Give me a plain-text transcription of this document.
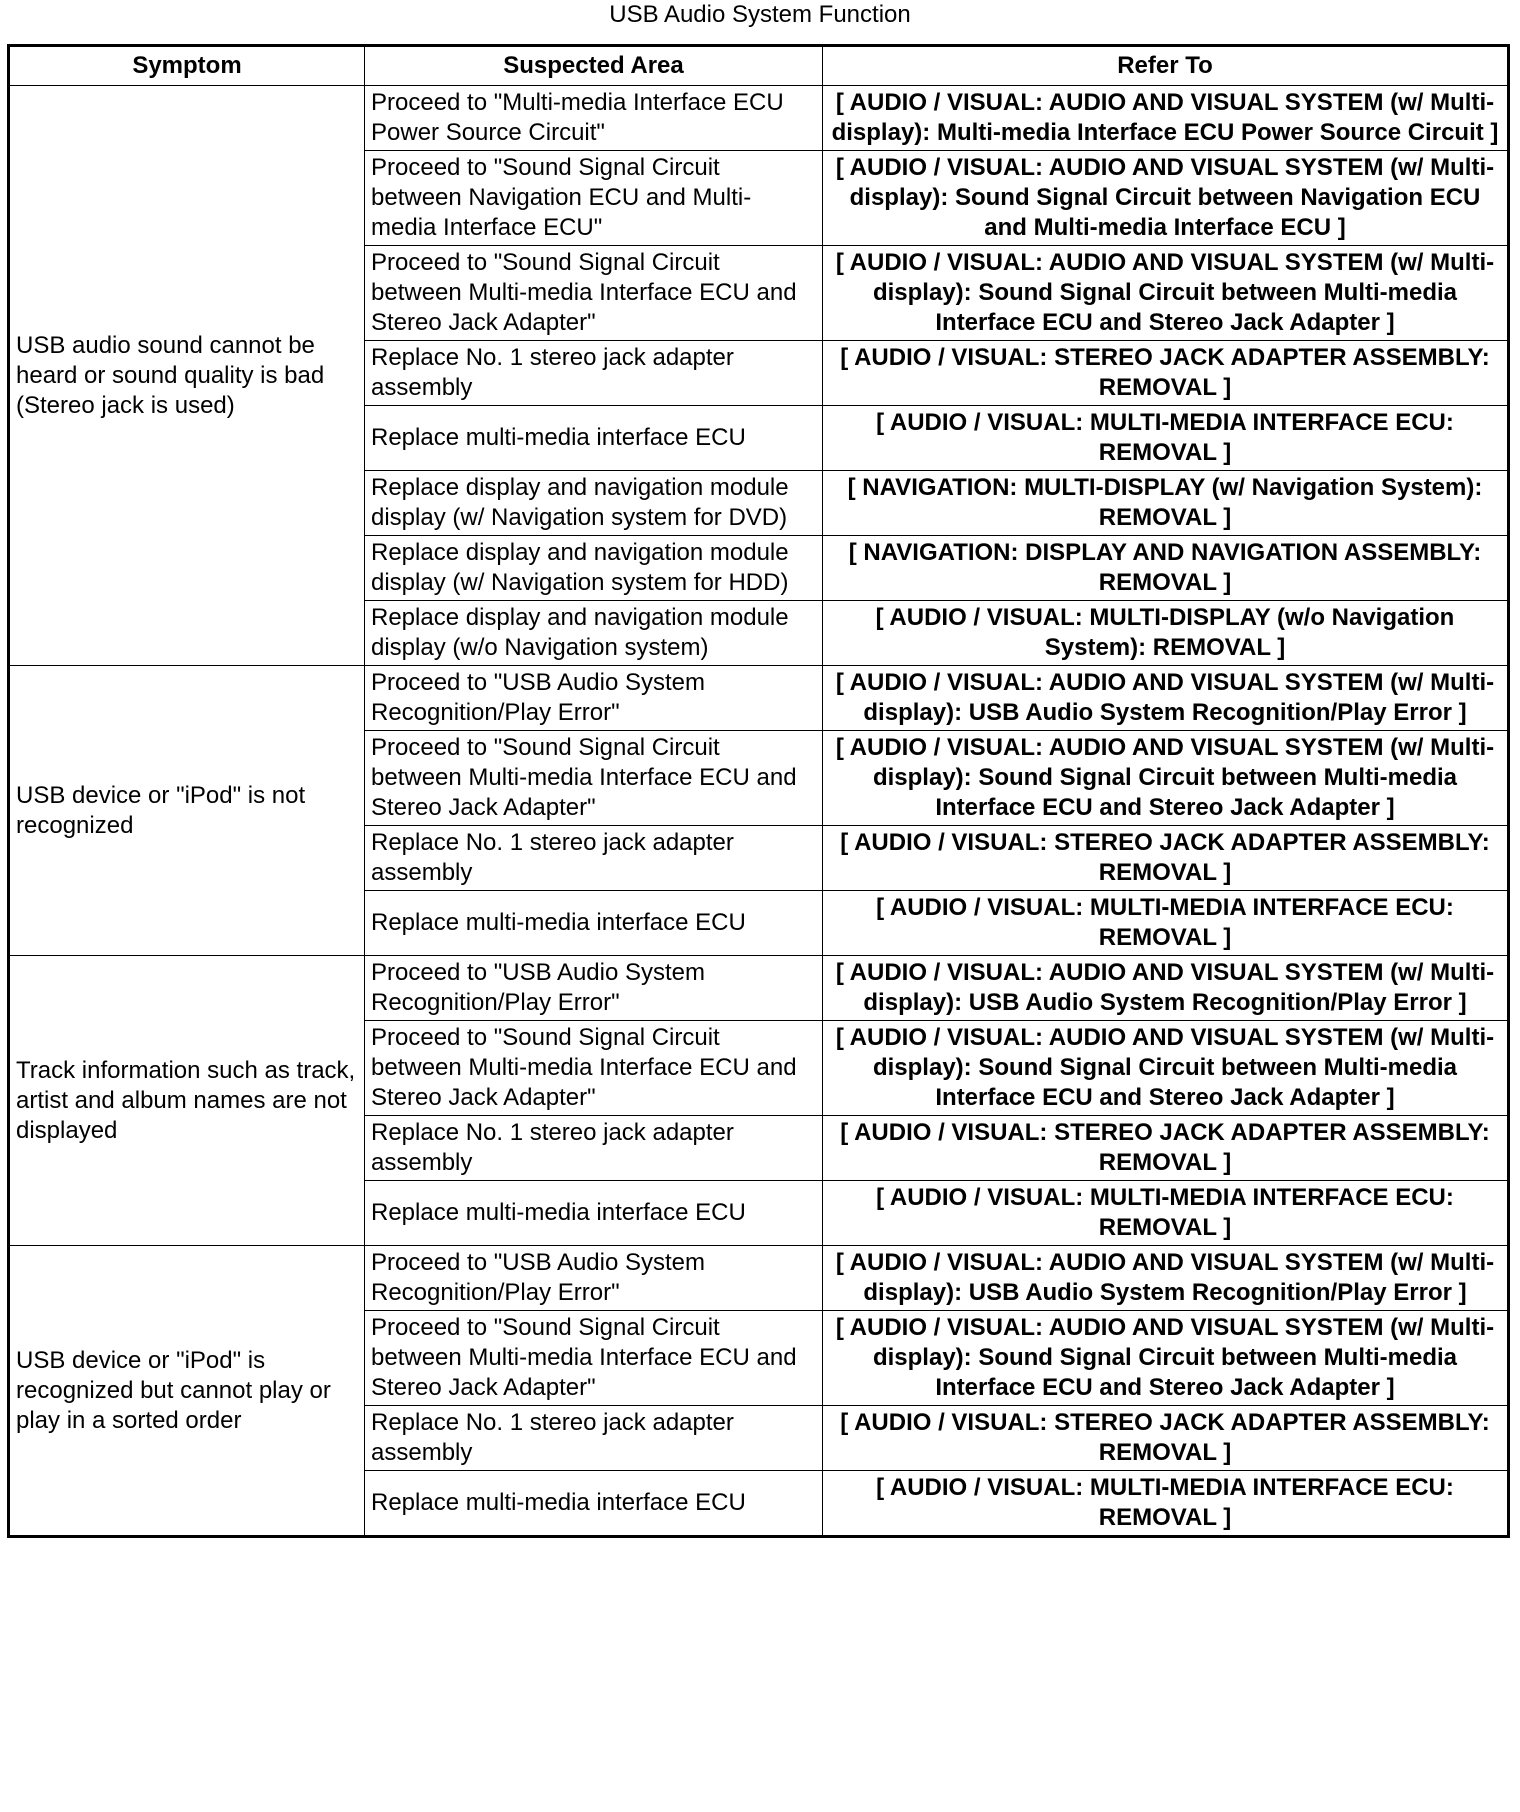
USB Audio System Function
Symptom	Suspected Area	Refer To
USB audio sound cannot be heard or sound quality is bad (Stereo jack is used)	Proceed to "Multi-media Interface ECU Power Source Circuit"	[ AUDIO / VISUAL: AUDIO AND VISUAL SYSTEM (w/ Multi-display): Multi-media Interface ECU Power Source Circuit ]
	Proceed to "Sound Signal Circuit between Navigation ECU and Multi-media Interface ECU"	[ AUDIO / VISUAL: AUDIO AND VISUAL SYSTEM (w/ Multi-display): Sound Signal Circuit between Navigation ECU and Multi-media Interface ECU ]
	Proceed to "Sound Signal Circuit between Multi-media Interface ECU and Stereo Jack Adapter"	[ AUDIO / VISUAL: AUDIO AND VISUAL SYSTEM (w/ Multi-display): Sound Signal Circuit between Multi-media Interface ECU and Stereo Jack Adapter ]
	Replace No. 1 stereo jack adapter assembly	[ AUDIO / VISUAL: STEREO JACK ADAPTER ASSEMBLY: REMOVAL ]
	Replace multi-media interface ECU	[ AUDIO / VISUAL: MULTI-MEDIA INTERFACE ECU: REMOVAL ]
	Replace display and navigation module display (w/ Navigation system for DVD)	[ NAVIGATION: MULTI-DISPLAY (w/ Navigation System): REMOVAL ]
	Replace display and navigation module display (w/ Navigation system for HDD)	[ NAVIGATION: DISPLAY AND NAVIGATION ASSEMBLY: REMOVAL ]
	Replace display and navigation module display (w/o Navigation system)	[ AUDIO / VISUAL: MULTI-DISPLAY (w/o Navigation System): REMOVAL ]
USB device or "iPod" is not recognized	Proceed to "USB Audio System Recognition/Play Error"	[ AUDIO / VISUAL: AUDIO AND VISUAL SYSTEM (w/ Multi-display): USB Audio System Recognition/Play Error ]
	Proceed to "Sound Signal Circuit between Multi-media Interface ECU and Stereo Jack Adapter"	[ AUDIO / VISUAL: AUDIO AND VISUAL SYSTEM (w/ Multi-display): Sound Signal Circuit between Multi-media Interface ECU and Stereo Jack Adapter ]
	Replace No. 1 stereo jack adapter assembly	[ AUDIO / VISUAL: STEREO JACK ADAPTER ASSEMBLY: REMOVAL ]
	Replace multi-media interface ECU	[ AUDIO / VISUAL: MULTI-MEDIA INTERFACE ECU: REMOVAL ]
Track information such as track, artist and album names are not displayed	Proceed to "USB Audio System Recognition/Play Error"	[ AUDIO / VISUAL: AUDIO AND VISUAL SYSTEM (w/ Multi-display): USB Audio System Recognition/Play Error ]
	Proceed to "Sound Signal Circuit between Multi-media Interface ECU and Stereo Jack Adapter"	[ AUDIO / VISUAL: AUDIO AND VISUAL SYSTEM (w/ Multi-display): Sound Signal Circuit between Multi-media Interface ECU and Stereo Jack Adapter ]
	Replace No. 1 stereo jack adapter assembly	[ AUDIO / VISUAL: STEREO JACK ADAPTER ASSEMBLY: REMOVAL ]
	Replace multi-media interface ECU	[ AUDIO / VISUAL: MULTI-MEDIA INTERFACE ECU: REMOVAL ]
USB device or "iPod" is recognized but cannot play or play in a sorted order	Proceed to "USB Audio System Recognition/Play Error"	[ AUDIO / VISUAL: AUDIO AND VISUAL SYSTEM (w/ Multi-display): USB Audio System Recognition/Play Error ]
	Proceed to "Sound Signal Circuit between Multi-media Interface ECU and Stereo Jack Adapter"	[ AUDIO / VISUAL: AUDIO AND VISUAL SYSTEM (w/ Multi-display): Sound Signal Circuit between Multi-media Interface ECU and Stereo Jack Adapter ]
	Replace No. 1 stereo jack adapter assembly	[ AUDIO / VISUAL: STEREO JACK ADAPTER ASSEMBLY: REMOVAL ]
	Replace multi-media interface ECU	[ AUDIO / VISUAL: MULTI-MEDIA INTERFACE ECU: REMOVAL ]
